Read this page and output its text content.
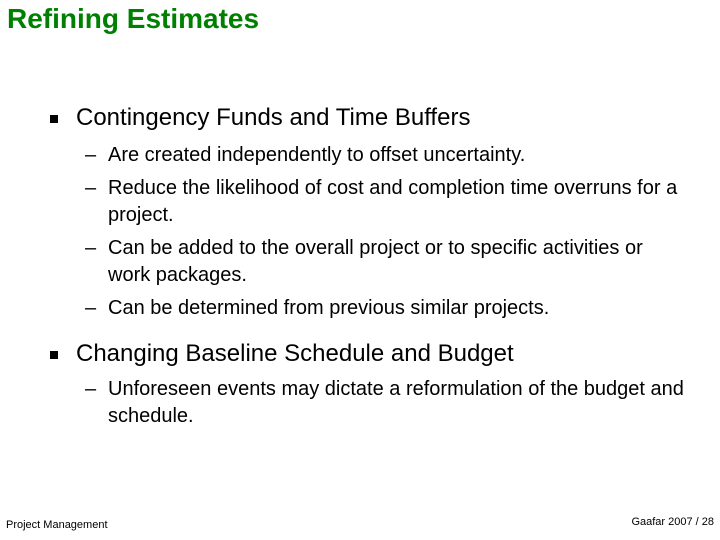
Refining Estimates
Contingency Funds and Time Buffers
– Are created independently to offset uncertainty.
– Reduce the likelihood of cost and completion time overruns for a project.
– Can be added to the overall project or to specific activities or work packages.
– Can be determined from previous similar projects.
Changing Baseline Schedule and Budget
– Unforeseen events may dictate a reformulation of the budget and schedule.
Project Management	Gaafar 2007 / 28
